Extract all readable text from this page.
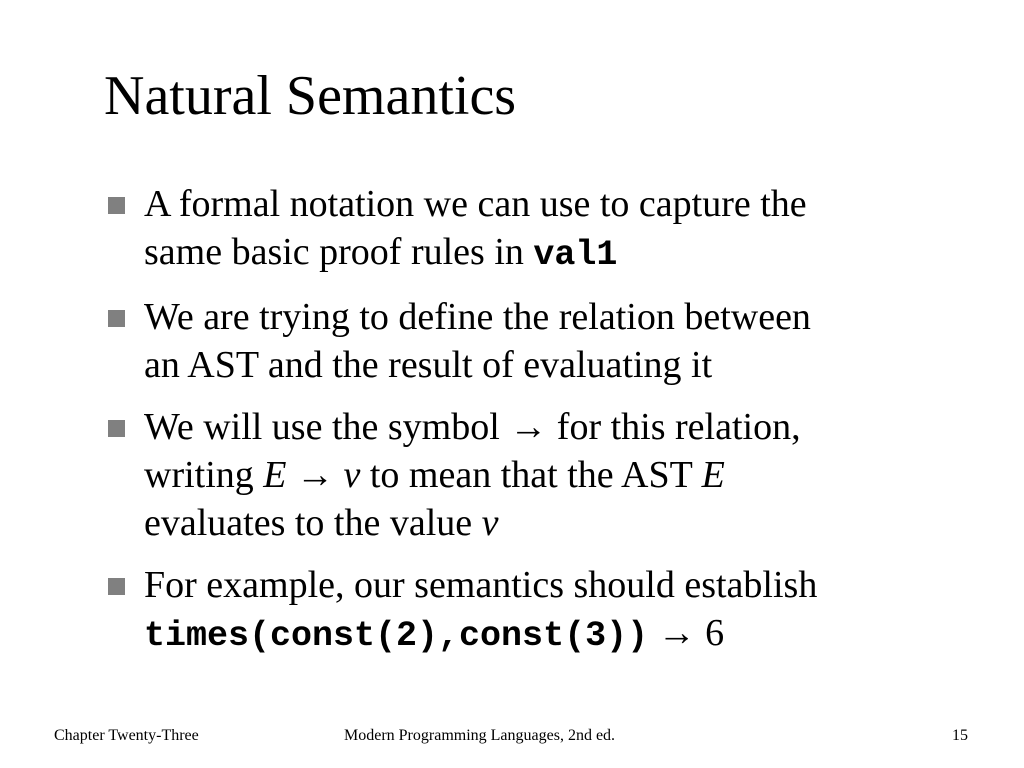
Natural Semantics
A formal notation we can use to capture the
same basic proof rules in val1
We are trying to define the relation between
an AST and the result of evaluating it
We will use the symbol → for this relation,
writing E → v to mean that the AST E
evaluates to the value v
For example, our semantics should establish
times(const(2),const(3)) → 6
Chapter Twenty-Three	Modern Programming Languages, 2nd ed.	15
